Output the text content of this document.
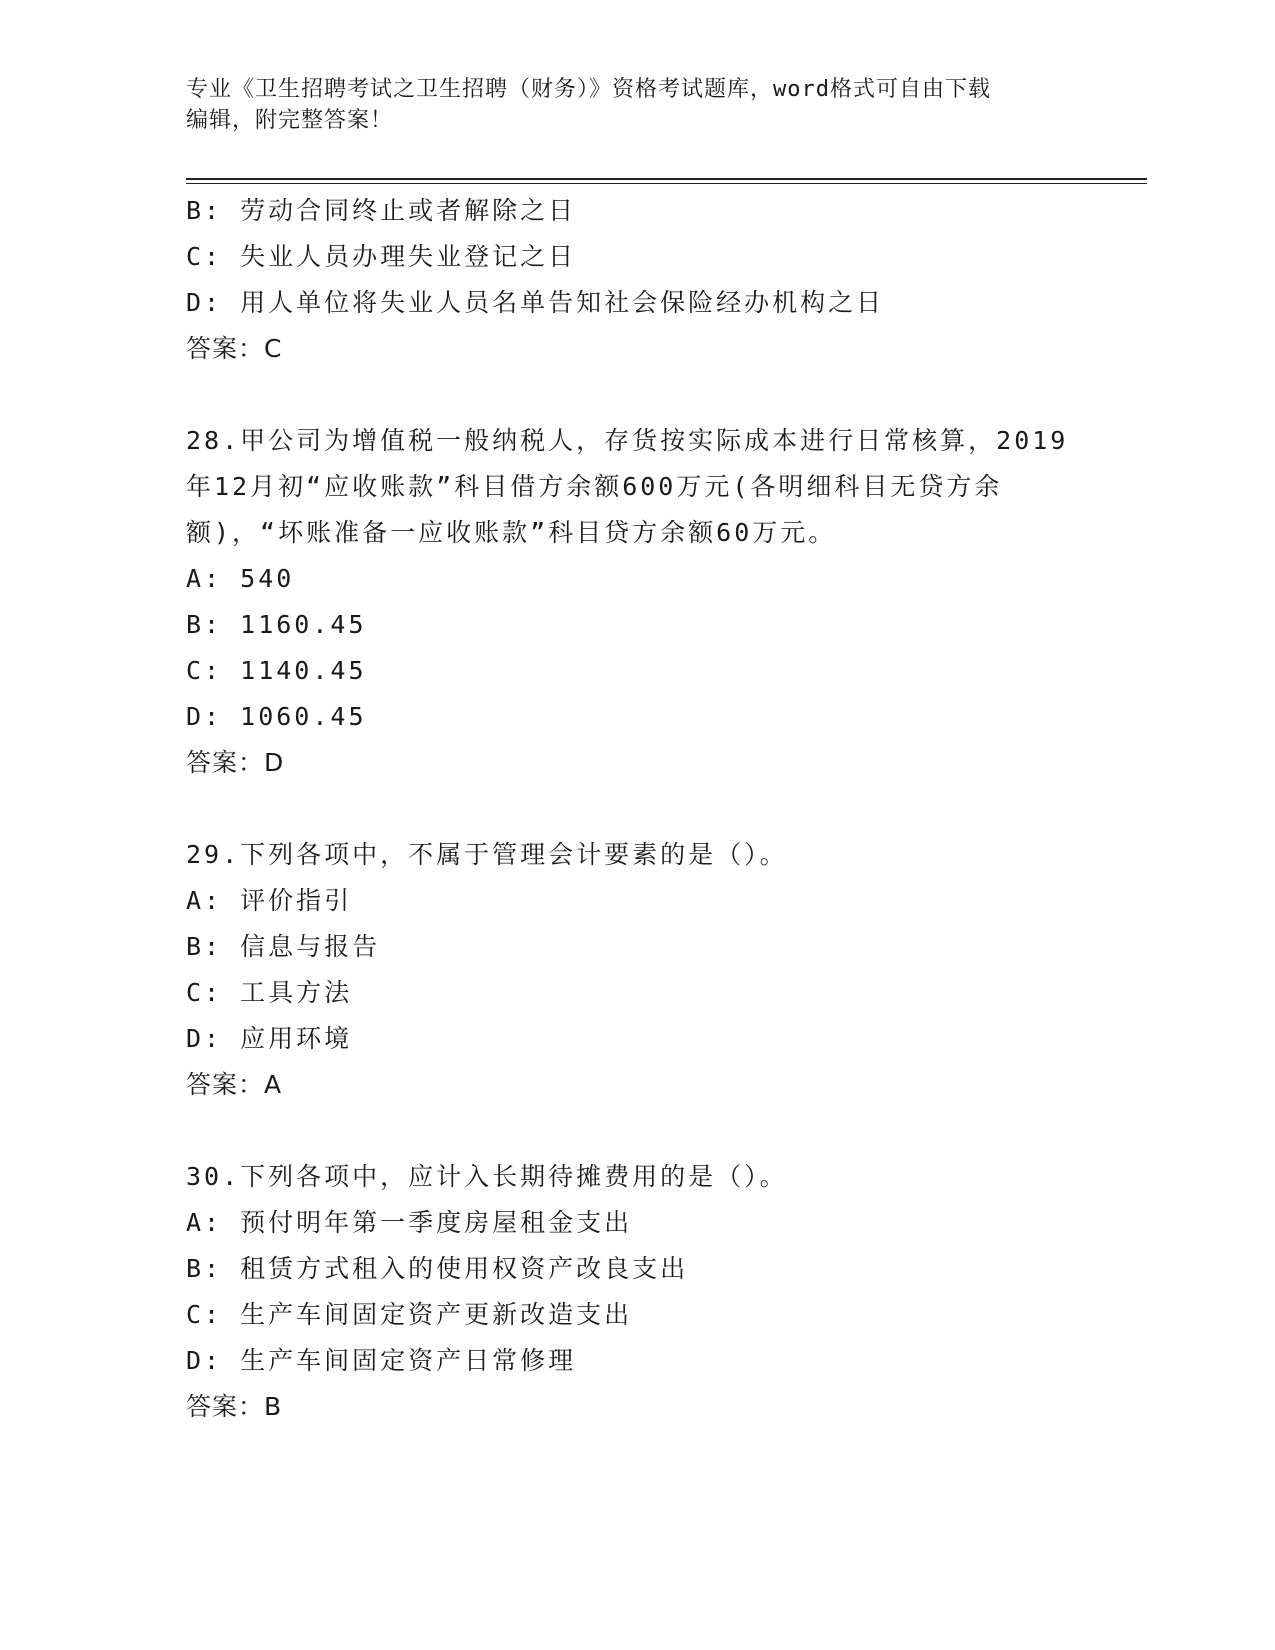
专业《卫生招聘考试之卫生招聘（财务）》资格考试题库，word格式可自由下载
编辑，附完整答案！
B: 劳动合同终止或者解除之日
C: 失业人员办理失业登记之日
D: 用人单位将失业人员名单告知社会保险经办机构之日
答案：C
28.甲公司为增值税一般纳税人，存货按实际成本进行日常核算，2019
年12月初“应收账款”科目借方余额600万元(各明细科目无贷方余
额)，“坏账准备一应收账款”科目贷方余额60万元。
A: 540
B: 1160.45
C: 1140.45
D: 1060.45
答案：D
29.下列各项中，不属于管理会计要素的是（）。
A: 评价指引
B: 信息与报告
C: 工具方法
D: 应用环境
答案：A
30.下列各项中，应计入长期待摊费用的是（）。
A: 预付明年第一季度房屋租金支出
B: 租赁方式租入的使用权资产改良支出
C: 生产车间固定资产更新改造支出
D: 生产车间固定资产日常修理
答案：B
